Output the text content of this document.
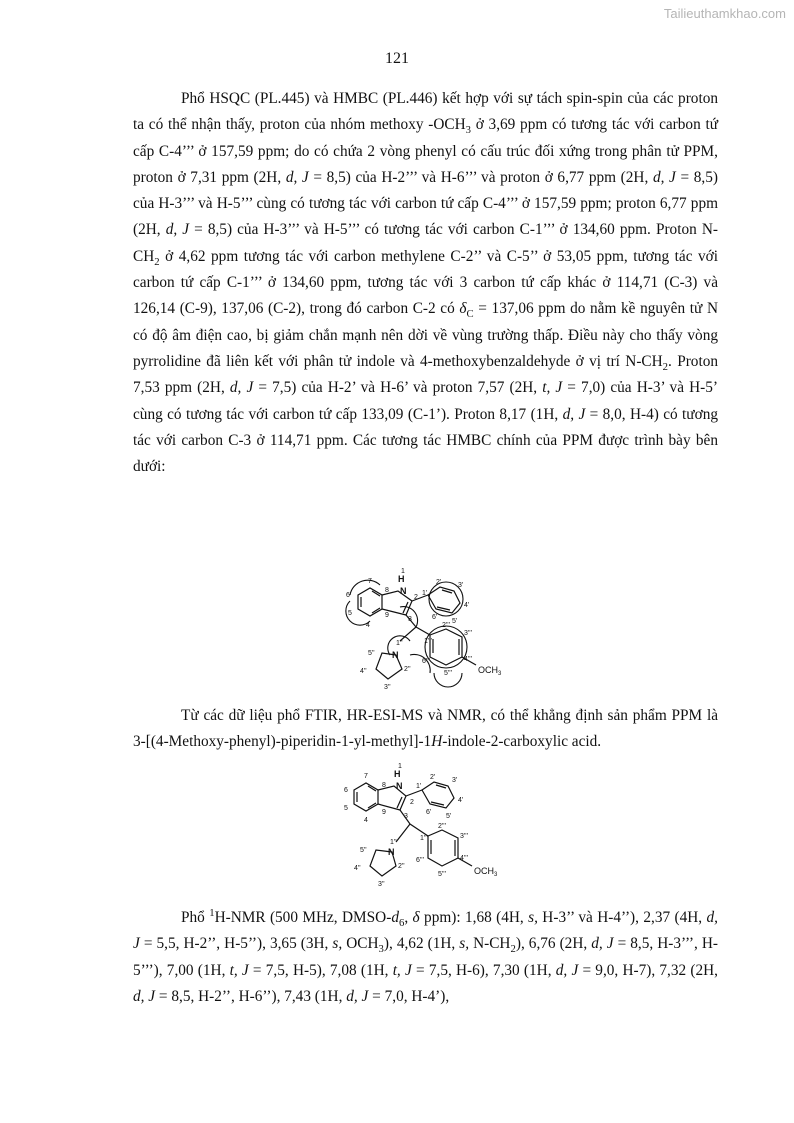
Tailieuthamkhao.com
121

Phổ HSQC (PL.445) và HMBC (PL.446) kết hợp với sự tách spin-spin của các proton ta có thể nhận thấy, proton của nhóm methoxy $-OCH_3$ ở 3,69 ppm có tương tác với carbon tứ cấp C-4’’’ ở 157,59 ppm; do có chứa 2 vòng phenyl có cấu trúc đối xứng trong phân tử PPM, proton ở 7,31 ppm (2H, d, J = 8,5) của H-2’’’ và H-6’’’ và proton ở 6,77 ppm (2H, d, J = 8,5) của H-3’’’ và H-5’’’ cùng có tương tác với carbon tứ cấp C-4’’’ ở 157,59 ppm; proton 6,77 ppm (2H, d, J = 8,5) của H-3’’’ và H-5’’’ có tương tác với carbon C-1’’’ ở 134,60 ppm. Proton $N-CH_2$ ở 4,62 ppm tương tác với carbon methylene C-2’’ và C-5’’ ở 53,05 ppm, tương tác với carbon tứ cấp C-1’’’ ở 134,60 ppm, tương tác với 3 carbon tứ cấp khác ở 114,71 (C-3) và 126,14 (C-9), 137,06 (C-2), trong đó carbon C-2 có $\delta_C = 137,06$ ppm do nằm kề nguyên tử N có độ âm điện cao, bị giảm chắn mạnh nên dời về vùng trường thấp. Điều này cho thấy vòng pyrrolidine đã liên kết với phân tử indole và 4-methoxybenzaldehyde ở vị trí $N-CH_2$. Proton 7,53 ppm (2H, d, J = 7,5) của H-2’ và H-6’ và proton 7,57 (2H, t, J = 7,0) của H-3’ và H-5’ cùng có tương tác với carbon tứ cấp 133,09 (C-1’). Proton 8,17 (1H, d, J = 8,0, H-4) có tương tác với carbon C-3 ở 114,71 ppm. Các tương tác HMBC chính của PPM được trình bày bên dưới:

1
H
N
2
3
4
5
6
7
8
9
2' 3'
4'
5'
6'
1'
N
1''
2''
3''
4''
5''
1'''
2'''
3'''
4'''
5'''
6'''
$OCH_3$

Từ các dữ liệu phổ FTIR, HR-ESI-MS và NMR, có thể khẳng định sản phẩm PPM là 3-[(4-Methoxy-phenyl)-piperidin-1-yl-methyl]-1H-indole-2-carboxylic acid.

1
H
N
2
3
4
5
6
7
8
9
1'
2' 3'
4'
5'
6'
N
1''
2''
3''
4''
5''
1'''
2'''
3'''
4'''
5'''
6'''
$OCH_3$

Phổ $^1$H-NMR (500 MHz, DMSO-$d_6$, δ ppm): 1,68 (4H, s, H-3’’ và H-4’’), 2,37 (4H, d, J = 5,5, H-2’’, H-5’’), 3,65 (3H, s, $OCH_3$), 4,62 (1H, s, $N-CH_2$), 6,76 (2H, d, J = 8,5, H-3’’’, H-5’’’), 7,00 (1H, t, J = 7,5, H-5), 7,08 (1H, t, J = 7,5, H-6), 7,30 (1H, d, J = 9,0, H-7), 7,32 (2H, d, J = 8,5, H-2’’, H-6’’), 7,43 (1H, d, J = 7,0, H-4’),
